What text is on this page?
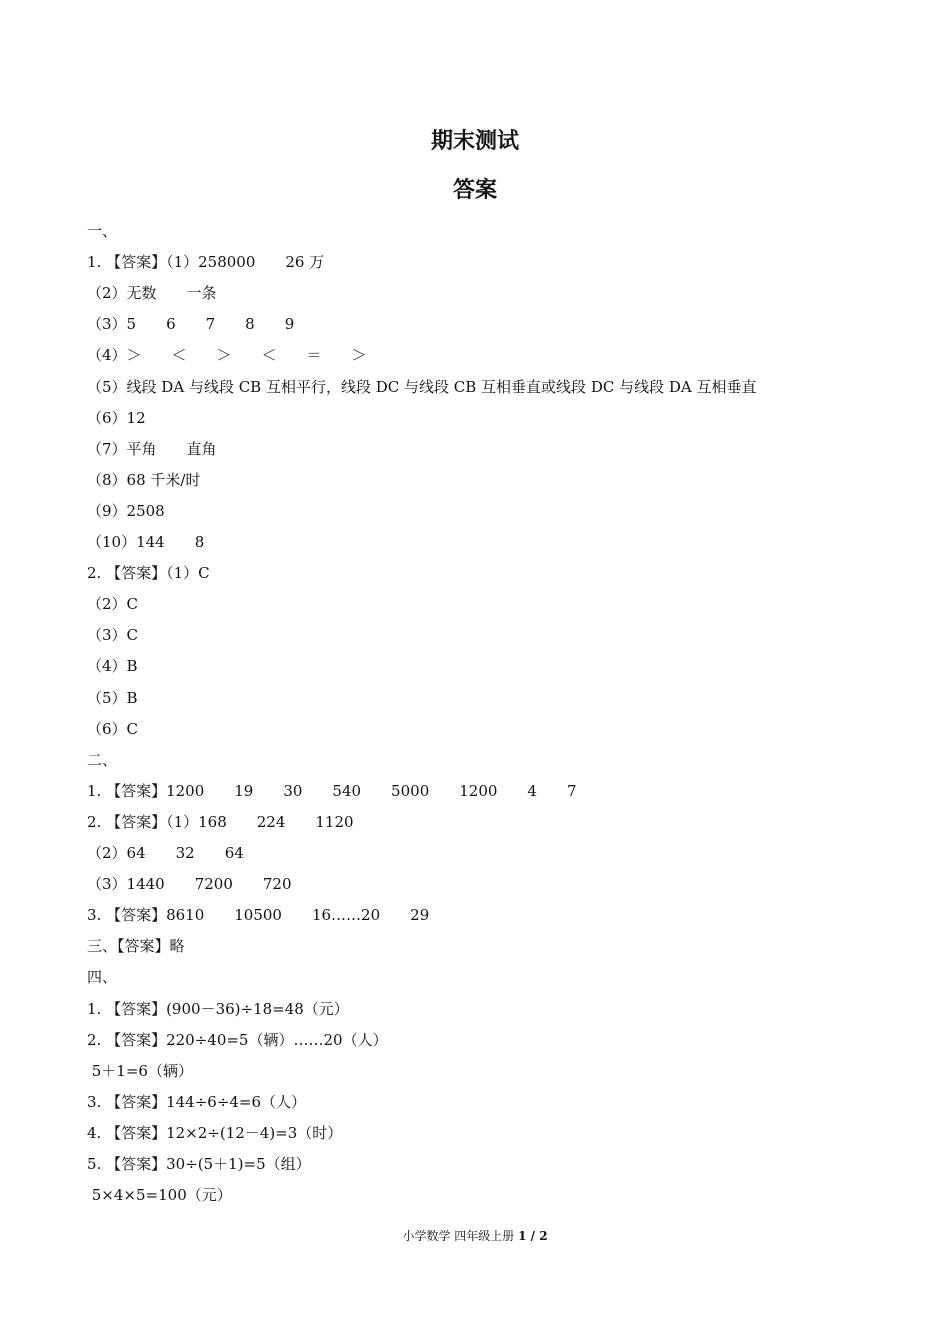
期末测试
答案
一、
1. 【答案】（1）258000　　26 万
（2）无数　　一条
（3）5　　6　　7　　8　　9
（4）＞　　＜　　＞　　＜　　＝　　＞
（5）线段 DA 与线段 CB 互相平行，线段 DC 与线段 CB 互相垂直或线段 DC 与线段 DA 互相垂直
（6）12
（7）平角　　直角
（8）68 千米/时
（9）2508
（10）144　　8
2. 【答案】（1）C
（2）C
（3）C
（4）B
（5）B
（6）C
二、
1. 【答案】1200　　19　　30　　540　　5000　　1200　　4　　7
2. 【答案】（1）168　　224　　1120
（2）64　　32　　64
（3）1440　　7200　　720
3. 【答案】8610　　10500　　16……20　　29
三、【答案】略
四、
1. 【答案】(900－36)÷18=48（元）
2. 【答案】220÷40=5（辆）……20（人）
5＋1=6（辆）
3. 【答案】144÷6÷4=6（人）
4. 【答案】12×2÷(12－4)=3（时）
5. 【答案】30÷(5＋1)=5（组）
5×4×5=100（元）
小学数学 四年级上册 1 / 2
